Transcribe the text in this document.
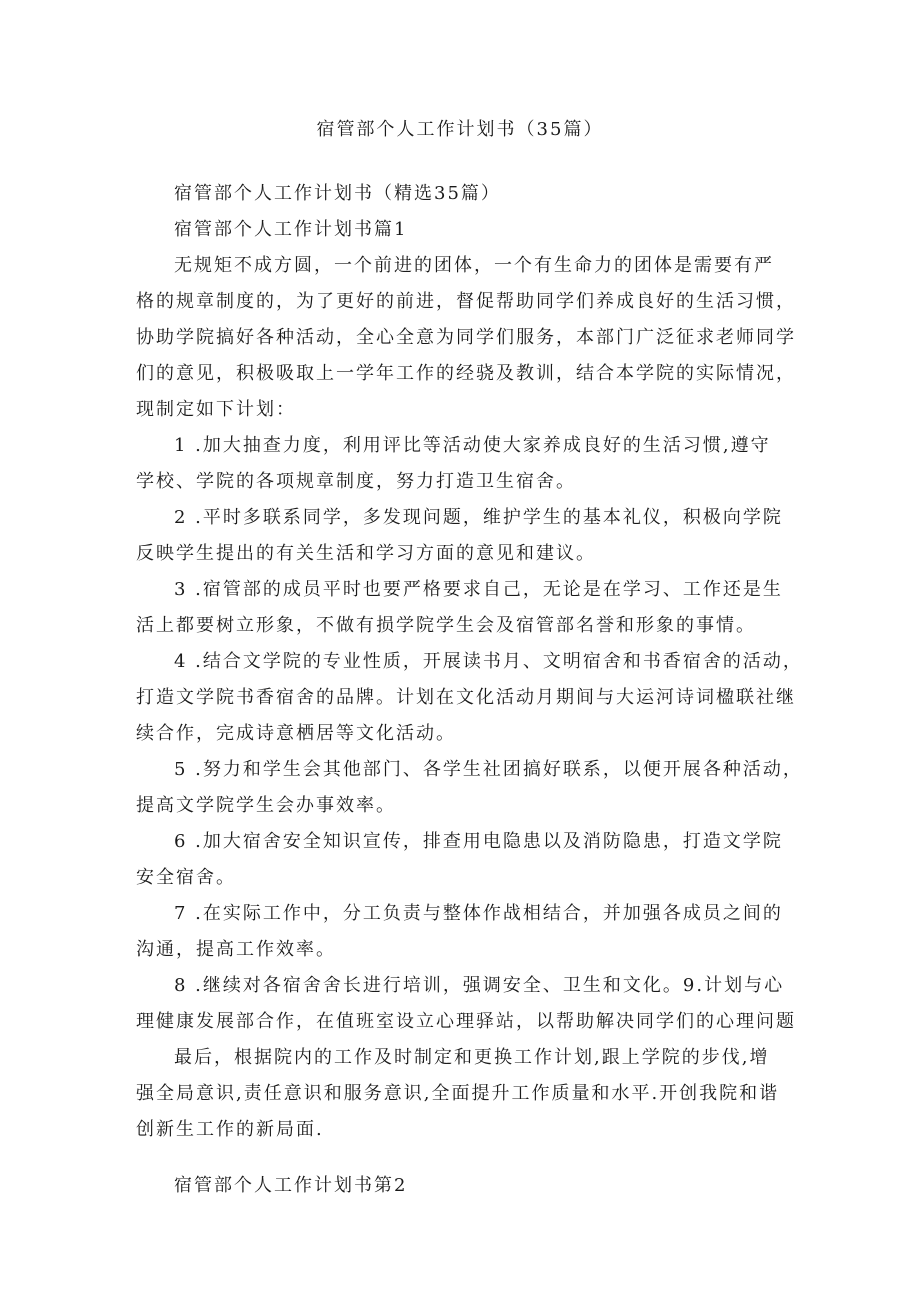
宿管部个人工作计划书（35篇）

宿管部个人工作计划书（精选35篇）

宿管部个人工作计划书篇1

无规矩不成方圆，一个前进的团体，一个有生命力的团体是需要有严

格的规章制度的，为了更好的前进，督促帮助同学们养成良好的生活习惯，

协助学院搞好各种活动，全心全意为同学们服务，本部门广泛征求老师同学

们的意见，积极吸取上一学年工作的经骁及教训，结合本学院的实际情况，

现制定如下计划：

1 .加大抽查力度，利用评比等活动使大家养成良好的生活习惯,遵守

学校、学院的各项规章制度，努力打造卫生宿舍。

2 .平时多联系同学，多发现问题，维护学生的基本礼仪，积极向学院

反映学生提出的有关生活和学习方面的意见和建议。

3 .宿管部的成员平时也要严格要求自己，无论是在学习、工作还是生

活上都要树立形象，不做有损学院学生会及宿管部名誉和形象的事情。

4 .结合文学院的专业性质，开展读书月、文明宿舍和书香宿舍的活动，

打造文学院书香宿舍的品牌。计划在文化活动月期间与大运河诗词楹联社继

续合作，完成诗意栖居等文化活动。

5 .努力和学生会其他部门、各学生社团搞好联系，以便开展各种活动，

提高文学院学生会办事效率。

6 .加大宿舍安全知识宣传，排查用电隐患以及消防隐患，打造文学院

安全宿舍。

7 .在实际工作中，分工负责与整体作战相结合，并加强各成员之间的

沟通，提高工作效率。

8 .继续对各宿舍舍长进行培训，强调安全、卫生和文化。9.计划与心

理健康发展部合作，在值班室设立心理驿站，以帮助解决同学们的心理问题

最后，根据院内的工作及时制定和更换工作计划,跟上学院的步伐,增

强全局意识,责任意识和服务意识,全面提升工作质量和水平.开创我院和谐

创新生工作的新局面.

宿管部个人工作计划书第2
